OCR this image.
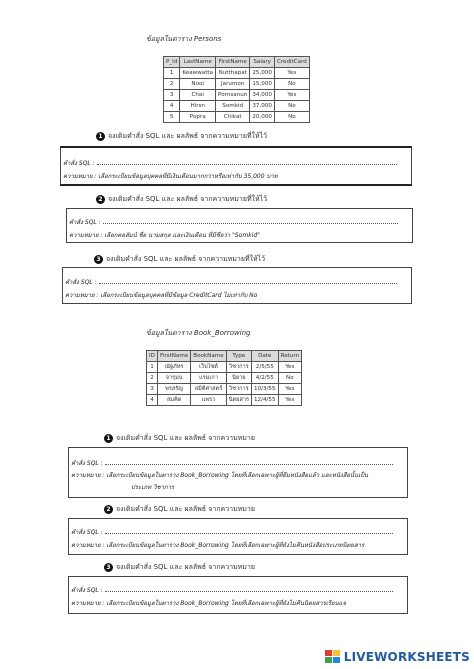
ข้อมูลในตาราง Persons
P_Id	LastName	FirstName	Salary	CreditCard
1	Keawwatta	Nutthapat	25,000	Yes
2	Nooi	Jarumon	15,000	No
3	Chai	Pornsanun	34,000	Yes
4	Hirsn	Somkid	37,000	No
5	Popra	Chikat	20,000	No
1 จงเติมคำสั่ง SQL และ ผลลัพธ์ จากความหมายที่ให้ไว้
คำสั่ง SQL :
ความหมาย : เลือกระเบียนข้อมูลบุคคลที่มีเงินเดือนมากกว่าหรือเท่ากับ 35,000 บาท
2 จงเติมคำสั่ง SQL และ ผลลัพธ์ จากความหมายที่ให้ไว้
คำสั่ง SQL :
ความหมาย : เลือกคอลัมน์ ชื่อ นามสกุล และเงินเดือน ที่มีชื่อว่า "Somkid"
3 จงเติมคำสั่ง SQL และ ผลลัพธ์ จากความหมายที่ให้ไว้
คำสั่ง SQL :
ความหมาย : เลือกระเบียนข้อมูลบุคคลที่มีข้อมูล CreditCard ไม่เท่ากับ No
ข้อมูลในตาราง Book_Borrowing
ID	FirstName	BookName	Type	Date	Return
1	ณัฐภัทร	เว็บไซต์	วิชาการ	2/5/55	Yes
2	จารุมน	แรมเกา	นิยาย	4/2/55	No
3	พรสรัญ	สมิติศาสตร์	วิชาการ	10/3/55	Yes
4	สมคิด	แพรว	นิตยสาร	12/4/55	Yes
1 จงเติมคำสั่ง SQL และ ผลลัพธ์ จากความหมาย
คำสั่ง SQL :
ความหมาย : เลือกระเบียนข้อมูลในตาราง Book_Borrowing โดยที่เลือกเฉพาะผู้ที่ยืมหนังสือแล้ว และหนังสือนั้นเป็น
ประเภท วิชาการ
2 จงเติมคำสั่ง SQL และ ผลลัพธ์ จากความหมาย
คำสั่ง SQL :
ความหมาย : เลือกระเบียนข้อมูลในตาราง Book_Borrowing โดยที่เลือกเฉพาะผู้ที่ยังไม่คืนหนังสือประเภทนิตยสาร
3 จงเติมคำสั่ง SQL และ ผลลัพธ์ จากความหมาย
คำสั่ง SQL :
ความหมาย : เลือกระเบียนข้อมูลในตาราง Book_Borrowing โดยที่เลือกเฉพาะผู้ที่ยังไม่คืนนิตยสารเรียนแจ
LIVEWORKSHEETS
